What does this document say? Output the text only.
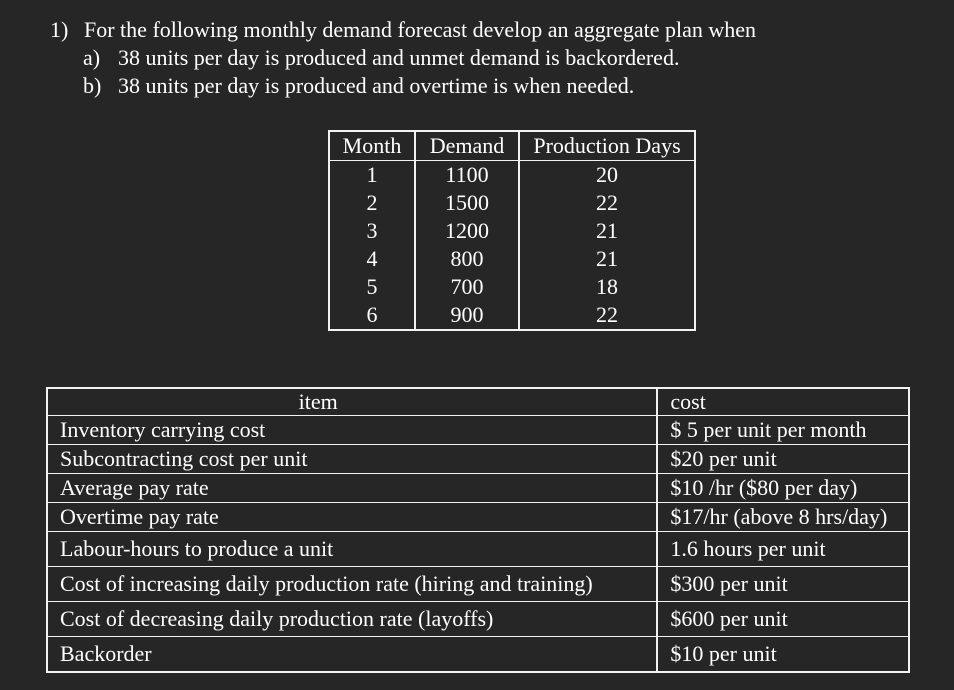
1) For the following monthly demand forecast develop an aggregate plan when
a) 38 units per day is produced and unmet demand is backordered.
b) 38 units per day is produced and overtime is when needed.
Month	Demand	Production Days
1	1100	20
2	1500	22
3	1200	21
4	800	21
5	700	18
6	900	22
item	cost
Inventory carrying cost	$ 5 per unit per month
Subcontracting cost per unit	$20 per unit
Average pay rate	$10 /hr ($80 per day)
Overtime pay rate	$17/hr (above 8 hrs/day)
Labour-hours to produce a unit	1.6 hours per unit
Cost of increasing daily production rate (hiring and training)	$300 per unit
Cost of decreasing daily production rate (layoffs)	$600 per unit
Backorder	$10 per unit
